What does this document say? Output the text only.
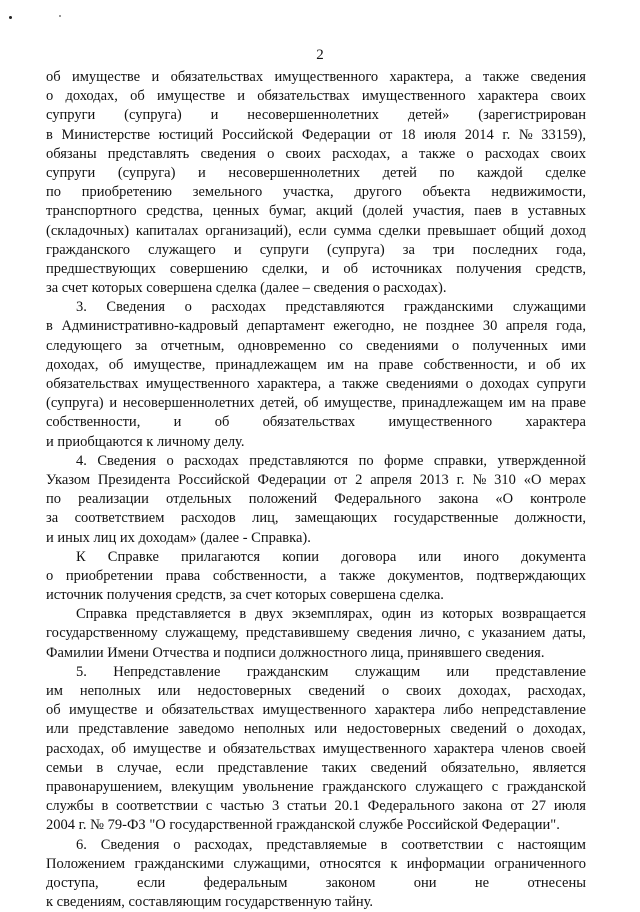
2
об имуществе и обязательствах имущественного характера, а также сведения
о доходах, об имуществе и обязательствах имущественного характера своих
супруги (супруга) и несовершеннолетних детей» (зарегистрирован
в Министерстве юстиций Российской Федерации от 18 июля 2014 г. № 33159),
обязаны представлять сведения о своих расходах, а также о расходах своих
супруги (супруга) и несовершеннолетних детей по каждой сделке
по приобретению земельного участка, другого объекта недвижимости,
транспортного средства, ценных бумаг, акций (долей участия, паев в уставных
(складочных) капиталах организаций), если сумма сделки превышает общий доход
гражданского служащего и супруги (супруга) за три последних года,
предшествующих совершению сделки, и об источниках получения средств,
за счет которых совершена сделка (далее – сведения о расходах).
3. Сведения о расходах представляются гражданскими служащими
в Административно-кадровый департамент ежегодно, не позднее 30 апреля года,
следующего за отчетным, одновременно со сведениями о полученных ими
доходах, об имуществе, принадлежащем им на праве собственности, и об их
обязательствах имущественного характера, а также сведениями о доходах супруги
(супруга) и несовершеннолетних детей, об имуществе, принадлежащем им на праве
собственности, и об обязательствах имущественного характера
и приобщаются к личному делу.
4. Сведения о расходах представляются по форме справки, утвержденной
Указом Президента Российской Федерации от 2 апреля 2013 г. № 310 «О мерах
по реализации отдельных положений Федерального закона «О контроле
за соответствием расходов лиц, замещающих государственные должности,
и иных лиц их доходам» (далее - Справка).
К Справке прилагаются копии договора или иного документа
о приобретении права собственности, а также документов, подтверждающих
источник получения средств, за счет которых совершена сделка.
Справка представляется в двух экземплярах, один из которых возвращается
государственному служащему, представившему сведения лично, с указанием даты,
Фамилии Имени Отчества и подписи должностного лица, принявшего сведения.
5. Непредставление гражданским служащим или представление
им неполных или недостоверных сведений о своих доходах, расходах,
об имуществе и обязательствах имущественного характера либо непредставление
или представление заведомо неполных или недостоверных сведений о доходах,
расходах, об имуществе и обязательствах имущественного характера членов своей
семьи в случае, если представление таких сведений обязательно, является
правонарушением, влекущим увольнение гражданского служащего с гражданской
службы в соответствии с частью 3 статьи 20.1 Федерального закона от 27 июля
2004 г. № 79-ФЗ "О государственной гражданской службе Российской Федерации".
6. Сведения о расходах, представляемые в соответствии с настоящим
Положением гражданскими служащими, относятся к информации ограниченного
доступа,	если	федеральным	законом	они	не	отнесены
к сведениям, составляющим государственную тайну.
